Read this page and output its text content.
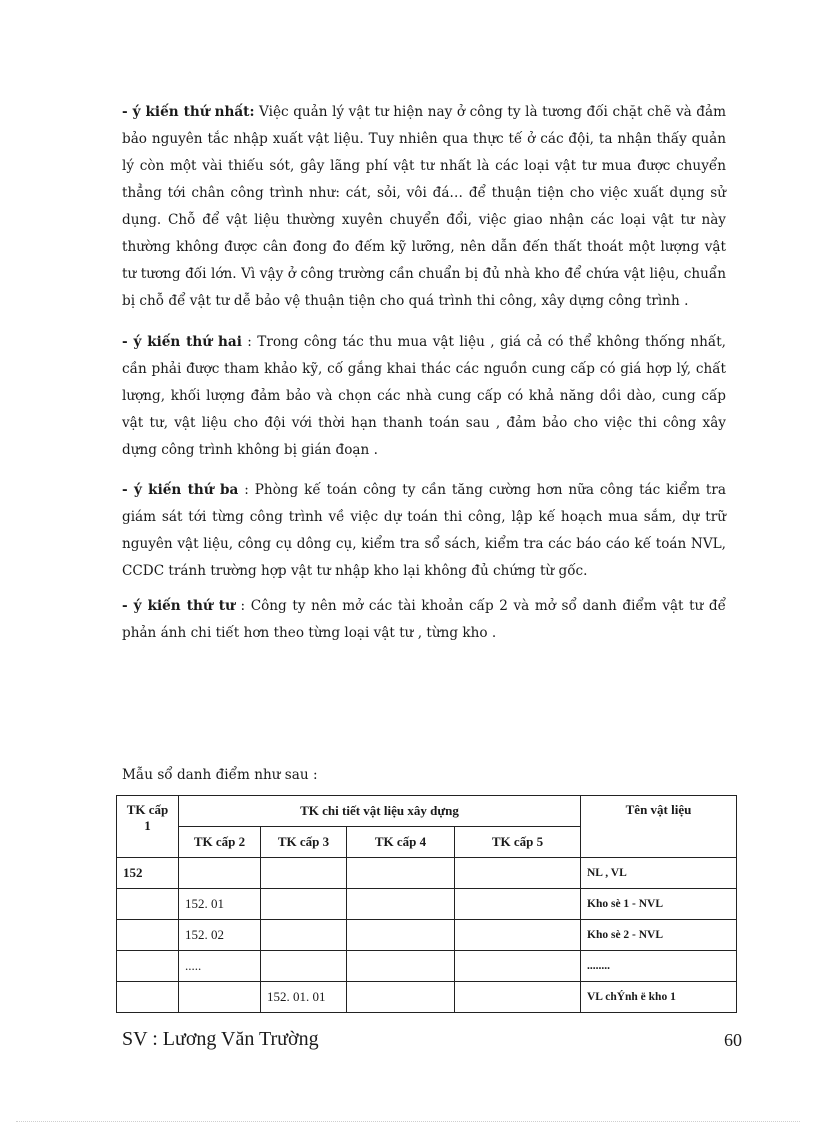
- ý kiến thứ nhất: Việc quản lý vật tư hiện nay ở công ty là tương đối chặt chẽ và đảm bảo nguyên tắc nhập xuất vật liệu. Tuy nhiên qua thực tế ở các đội, ta nhận thấy quản lý còn một vài thiếu sót, gây lãng phí vật tư nhất là các loại vật tư mua được chuyển thẳng tới chân công trình như: cát, sỏi, vôi đá… để thuận tiện cho việc xuất dụng sử dụng. Chỗ để vật liệu thường xuyên chuyển đổi, việc giao nhận các loại vật tư này thường không được cân đong đo đếm kỹ lưỡng, nên dẫn đến thất thoát một lượng vật tư tương đối lớn. Vì vậy ở công trường cần chuẩn bị đủ nhà kho để chứa vật liệu, chuẩn bị chỗ để vật tư dễ bảo vệ thuận tiện cho quá trình thi công, xây dựng công trình .

- ý kiến thứ hai : Trong công tác thu mua vật liệu , giá cả có thể không thống nhất, cần phải được tham khảo kỹ, cố gắng khai thác các nguồn cung cấp có giá hợp lý, chất lượng, khối lượng đảm bảo và chọn các nhà cung cấp có khả năng dồi dào, cung cấp vật tư, vật liệu cho đội với thời hạn thanh toán sau , đảm bảo cho việc thi công xây dựng công trình không bị gián đoạn .

- ý kiến thứ ba : Phòng kế toán công ty cần tăng cường hơn nữa công tác kiểm tra giám sát tới từng công trình về việc dự toán thi công, lập kế hoạch mua sắm, dự trữ nguyên vật liệu, công cụ dông cụ, kiểm tra sổ sách, kiểm tra các báo cáo kế toán NVL, CCDC tránh trường hợp vật tư nhập kho lại không đủ chứng từ gốc.

- ý kiến thứ tư : Công ty nên mở các tài khoản cấp 2 và mở sổ danh điểm vật tư để phản ánh chi tiết hơn theo từng loại vật tư , từng kho .

Mẫu sổ danh điểm như sau :
TK cấp 1	TK chi tiết vật liệu xây dựng				Tên vật liệu
	TK cấp 2	TK cấp 3	TK cấp 4	TK cấp 5	
152					NL , VL
	152. 01				Kho sè 1 - NVL
	152. 02				Kho sè 2 - NVL
	.....				........
		152. 01. 01			VL chÝnh ë kho 1
SV : Lương Văn Trường	60
